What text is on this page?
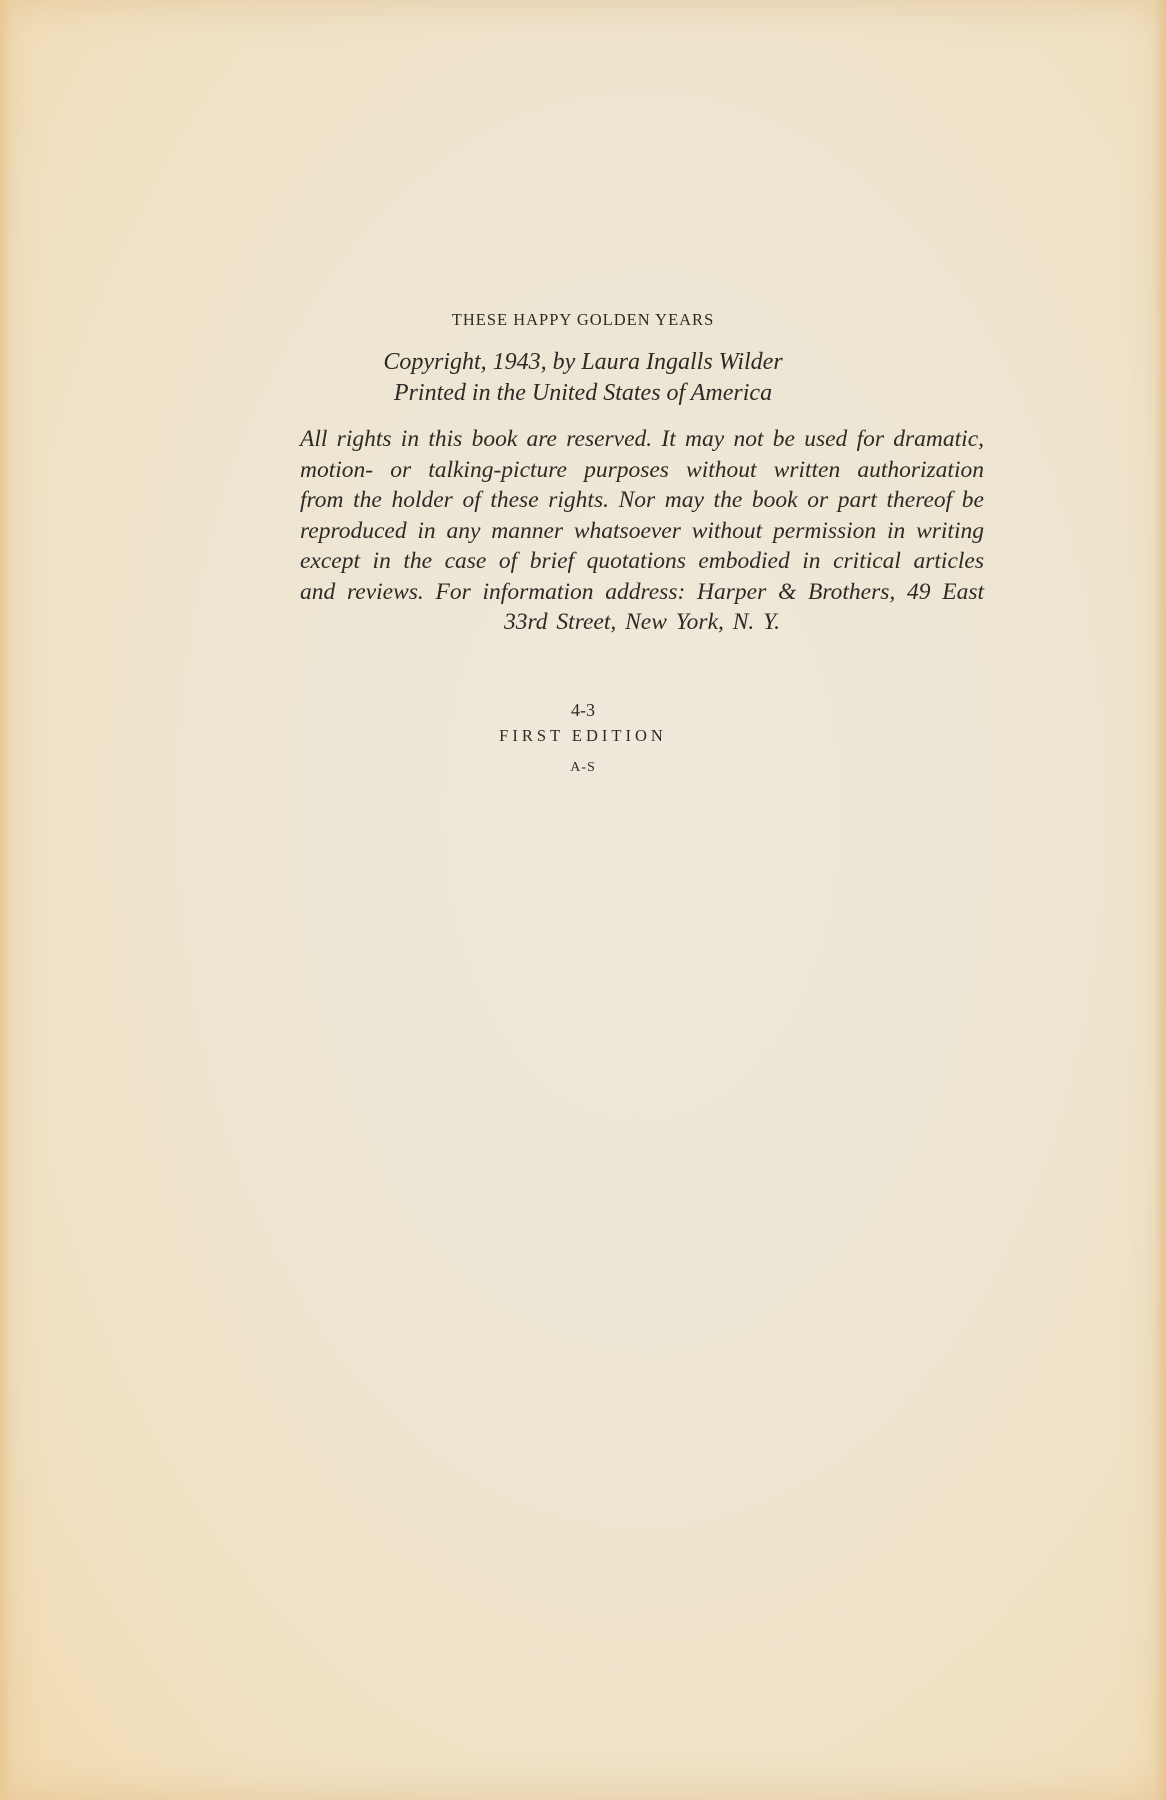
THESE HAPPY GOLDEN YEARS
Copyright, 1943, by Laura Ingalls Wilder
Printed in the United States of America

All rights in this book are reserved. It may not be used for dramatic, motion- or talking-picture purposes without written authorization from the holder of these rights. Nor may the book or part thereof be reproduced in any manner whatsoever without permission in writing except in the case of brief quotations embodied in critical articles and reviews. For information address: Harper & Brothers, 49 East 33rd Street, New York, N. Y.

4-3
FIRST EDITION
A-S
